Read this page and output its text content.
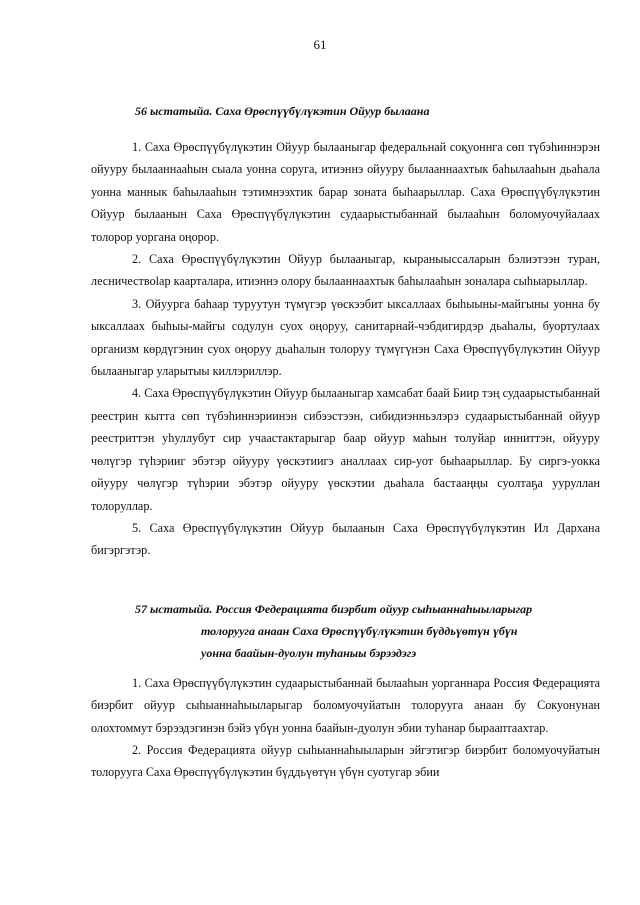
61
56 ыстатыйа. Саха Өрөспүүбүлүкэтин Ойуур былаана

1. Саха Өрөспүүбүлүкэтин Ойуур былааныгар федеральнай соқуоннга сөп түбэһиннэрэн ойуурy былааннааһын сыала уонна соруга, итиэннэ ойуурy былааннаахтык баһылааһын дьаһала уонна маннык баһылааһын тэтимнээхтик барар зоната быһаарыллар. Саха Өрөспүүбүлүкэтин Ойуур былаанын Саха Өрөспүүбүлүкэтин судаарыстыбаннай былааһын боломуочуйалаах толорор уоргана оңорор.

2. Саха Өрөспүүбүлүкэтин Ойуур былааныгар, кыраныыссаларын бэлиэтээн туран, лесничествolap каарталара, итиэннэ олору былааннаахтык баһылааһын зоналара сыһыарыллар.

3. Ойуурга баһаар туруутун түмүгэр үөскээбит ыксаллаах быһыыны-майгыны уонна бу ыксаллаах быһыы-майгы содулун суох оңоруу, санитарнай-чэбдигирдэр дьаһалы, буортулаах организм көрдүгэнин суох оңоруу дьаһалын толоруу түмүгүнэн Саха Өрөспүүбүлүкэтин Ойуур былааныгар уларытыы киллэриллэр.

4. Саха Өрөспүүбүлүкэтин Ойуур былааныгар хамсабат баай Биир тэң судаарыстыбаннай реестрин кытта сөп түбэһиннэриинэн сибээстээн, сибидиэнньэлэрэ судаарыстыбаннай ойуур реестриттэн уһуллубут сир учаастактарыгар баар ойуур маһын толуйар инниттэн, ойуурy чөлүгэр түһэрииг эбэтэр ойуурy үөскэтиигэ аналлаах сир-уот быһаарыллар. Бу сиргэ-уокка ойуурy чөлүгэр түһэрии эбэтэр ойуурy үөскэтии дьаһала бастааңңы суолтаҕа ууруллан толоруллар.

5. Саха Өрөспүүбүлүкэтин Ойуур былаанын Саха Өрөспүүбүлүкэтин Ил Дархана бигэргэтэр.

57 ыстатыйа. Россия Федерациятa биэрбит ойуур сыһыаннаһыыларыгар
толорууга анаан Саха Өрөспүүбүлүкэтин бүддьүөтүн үбүн
уонна баайын-дуолун туһаныы бэрээдэгэ

1. Саха Өрөспүүбүлүкэтин судаарыстыбаннай былааһын уорганнара Россия Федерациятa биэрбит ойуур сыһыаннаһыыларыгар боломуочуйатын толорууга анаан бу Сокуонунан олохтоммут бэрээдэгинэн бэйэ үбүн уонна баайын-дуолун эбии туһанар бырааптаахтар.

2. Россия Федерациятa ойуур сыһыаннаһыыларын эйгэтигэр биэрбит боломуочуйатын толорууга Саха Өрөспүүбүлүкэтин бүддьүөтүн үбүн суотугар эбии
